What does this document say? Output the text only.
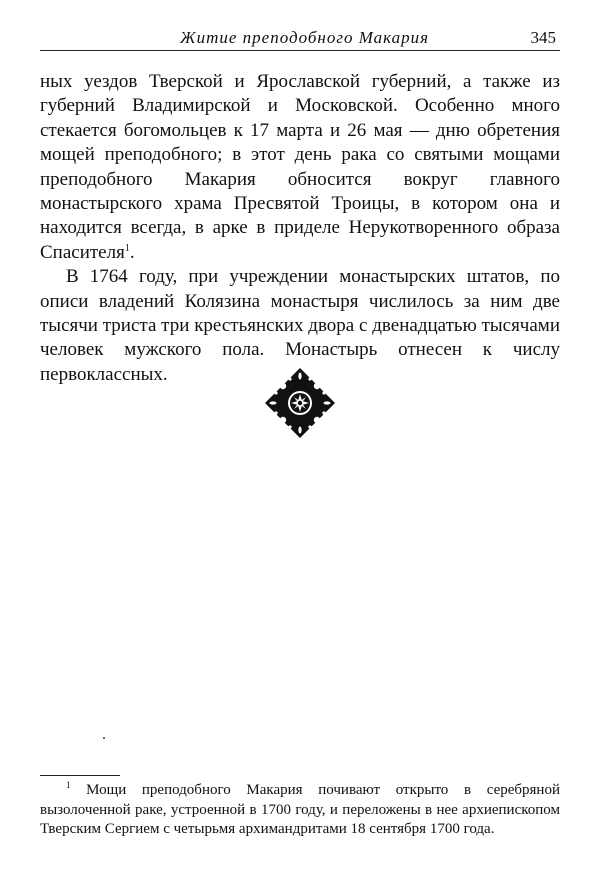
Житие преподобного Макария	345

ных уездов Тверской и Ярославской губерний, а также из губерний Владимирской и Московской. Особенно много стекается богомольцев к 17 марта и 26 мая — дню обретения мощей преподобного; в этот день рака со святыми мощами преподобного Макария обносится вокруг главного монастырского храма Пресвятой Троицы, в котором она и находится всегда, в арке в приделе Нерукотворенного образа Спасителя$^1$.

В 1764 году, при учреждении монастырских штатов, по описи владений Колязина монастыря числилось за ним две тысячи триста три крестьянских двора с двенадцатью тысячами человек мужского пола. Монастырь отнесен к числу первоклассных.

$^1$ Мощи преподобного Макария почивают открыто в серебряной вызолоченной раке, устроенной в 1700 году, и переложены в нее архиепископом Тверским Сергием с четырьмя архимандритами 18 сентября 1700 года.
